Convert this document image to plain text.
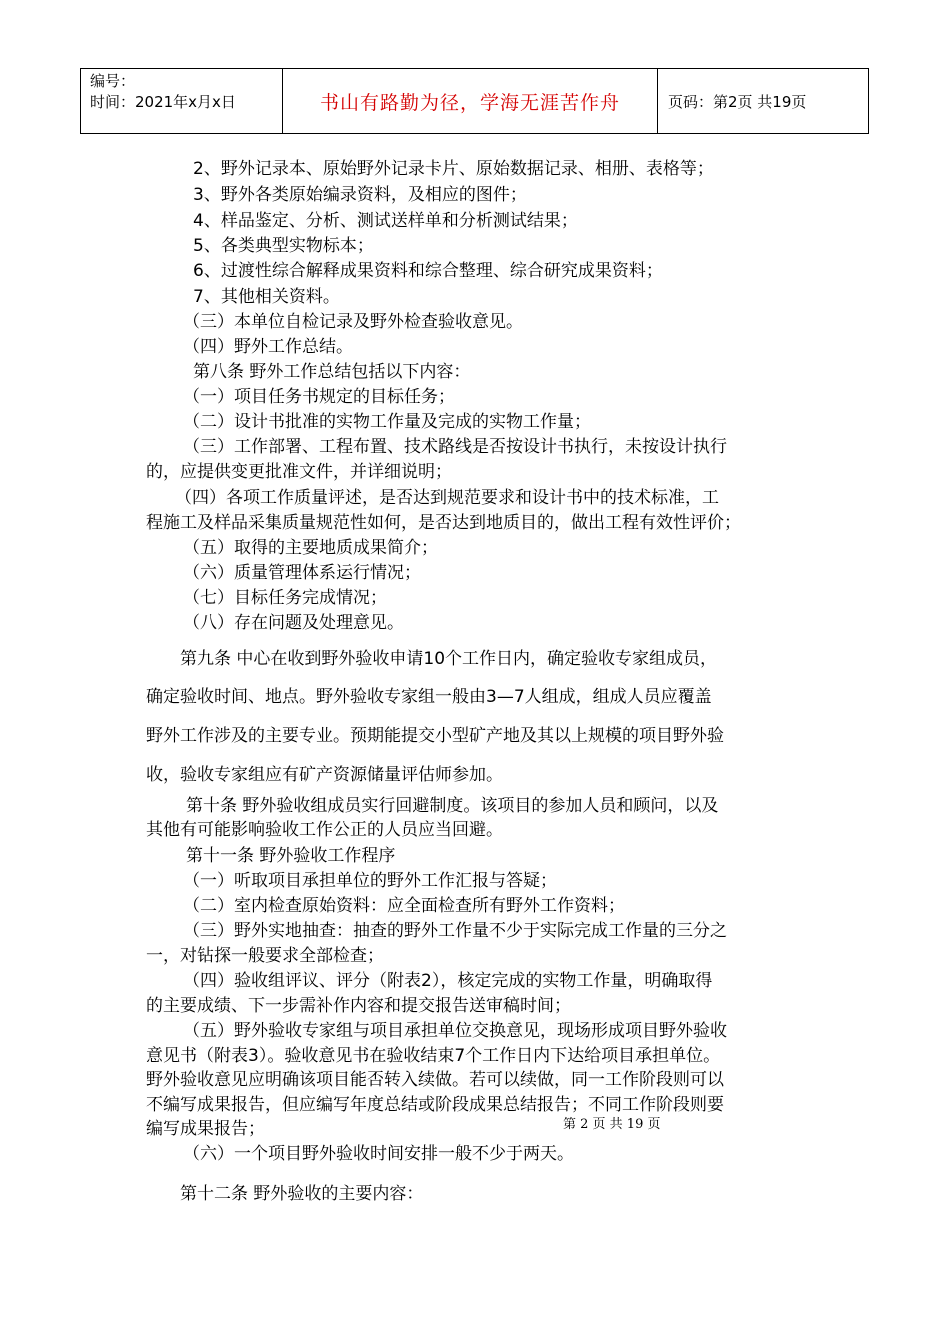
编号：
时间：2021年x月x日	书山有路勤为径，学海无涯苦作舟	页码：第2页 共19页
2、野外记录本、原始野外记录卡片、原始数据记录、相册、表格等；
3、野外各类原始编录资料，及相应的图件；
4、样品鉴定、分析、测试送样单和分析测试结果；
5、各类典型实物标本；
6、过渡性综合解释成果资料和综合整理、综合研究成果资料；
7、其他相关资料。
（三）本单位自检记录及野外检查验收意见。
（四）野外工作总结。
第八条 野外工作总结包括以下内容：
（一）项目任务书规定的目标任务；
（二）设计书批准的实物工作量及完成的实物工作量；
（三）工作部署、工程布置、技术路线是否按设计书执行，未按设计执行
的，应提供变更批准文件，并详细说明；
（四）各项工作质量评述，是否达到规范要求和设计书中的技术标准，工
程施工及样品采集质量规范性如何，是否达到地质目的，做出工程有效性评价；
（五）取得的主要地质成果简介；
（六）质量管理体系运行情况；
（七）目标任务完成情况；
（八）存在问题及处理意见。
第九条 中心在收到野外验收申请10个工作日内，确定验收专家组成员，
确定验收时间、地点。野外验收专家组一般由3—7人组成，组成人员应覆盖
野外工作涉及的主要专业。预期能提交小型矿产地及其以上规模的项目野外验
收，验收专家组应有矿产资源储量评估师参加。
第十条 野外验收组成员实行回避制度。该项目的参加人员和顾问，以及
其他有可能影响验收工作公正的人员应当回避。
第十一条 野外验收工作程序
（一）听取项目承担单位的野外工作汇报与答疑；
（二）室内检查原始资料：应全面检查所有野外工作资料；
（三）野外实地抽查：抽查的野外工作量不少于实际完成工作量的三分之
一，对钻探一般要求全部检查；
（四）验收组评议、评分（附表2），核定完成的实物工作量，明确取得
的主要成绩、下一步需补作内容和提交报告送审稿时间；
（五）野外验收专家组与项目承担单位交换意见，现场形成项目野外验收
意见书（附表3）。验收意见书在验收结束7个工作日内下达给项目承担单位。
野外验收意见应明确该项目能否转入续做。若可以续做，同一工作阶段则可以
不编写成果报告，但应编写年度总结或阶段成果总结报告；不同工作阶段则要
编写成果报告；
（六）一个项目野外验收时间安排一般不少于两天。
第十二条 野外验收的主要内容：
第 2 页 共 19 页
